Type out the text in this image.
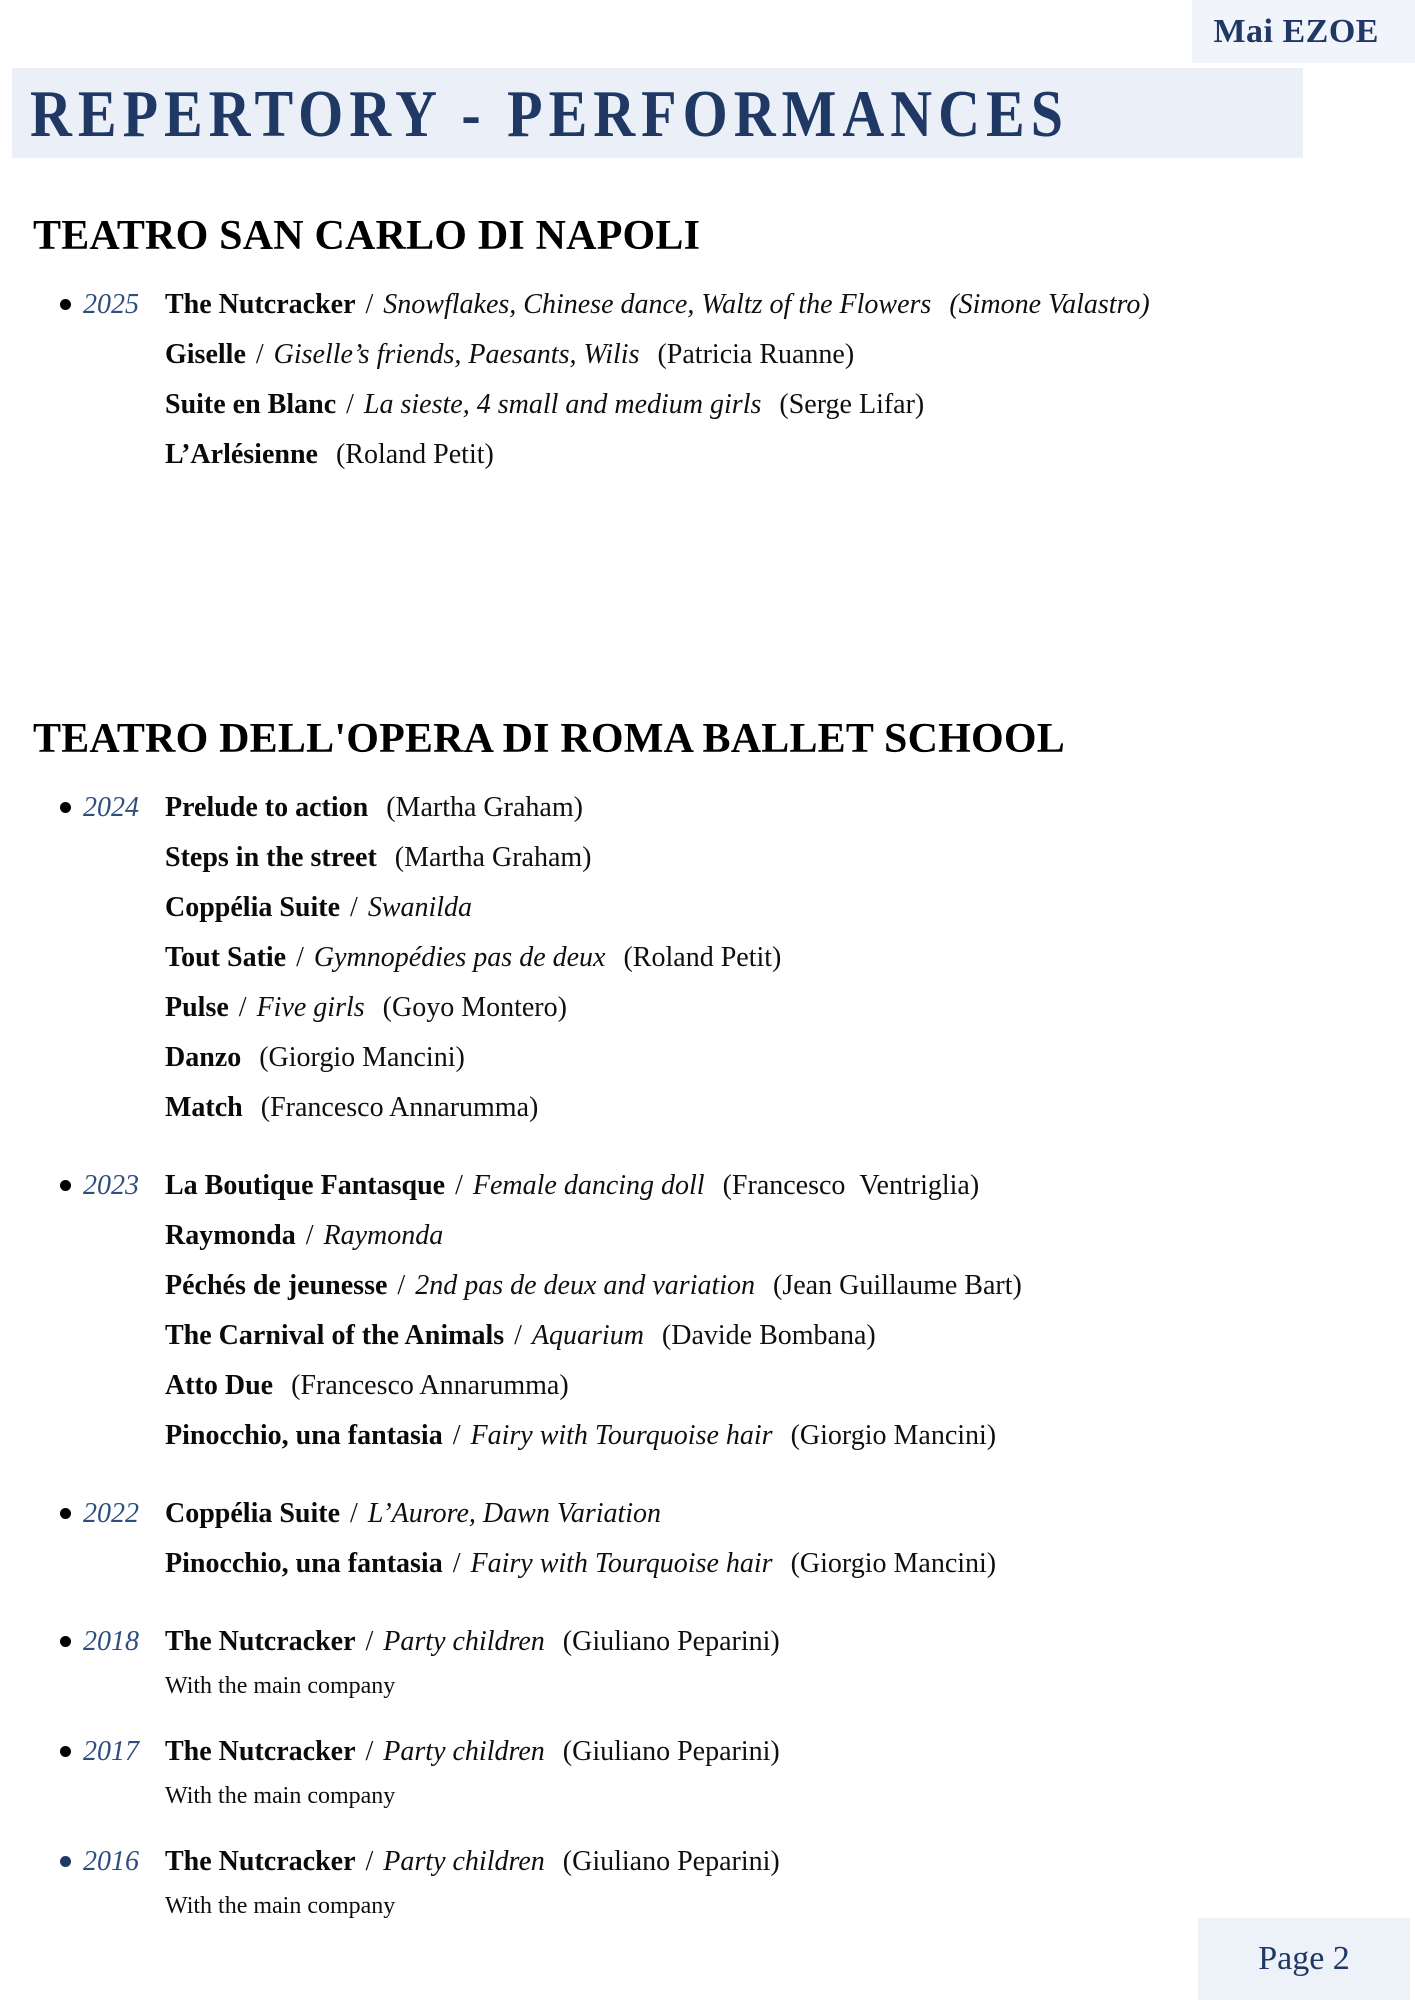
Mai EZOE
REPERTORY - PERFORMANCES
TEATRO SAN CARLO DI NAPOLI
2025 The Nutcracker / Snowflakes, Chinese dance, Waltz of the Flowers (Simone Valastro)
Giselle / Giselle’s friends, Paesants, Wilis (Patricia Ruanne)
Suite en Blanc / La sieste, 4 small and medium girls (Serge Lifar)
L’Arlésienne (Roland Petit)
TEATRO DELL'OPERA DI ROMA BALLET SCHOOL
2024 Prelude to action (Martha Graham)
Steps in the street (Martha Graham)
Coppélia Suite / Swanilda
Tout Satie / Gymnopédies pas de deux (Roland Petit)
Pulse / Five girls (Goyo Montero)
Danzo (Giorgio Mancini)
Match (Francesco Annarumma)
2023 La Boutique Fantasque / Female dancing doll (Francesco  Ventriglia)
Raymonda / Raymonda
Péchés de jeunesse / 2nd pas de deux and variation (Jean Guillaume Bart)
The Carnival of the Animals / Aquarium (Davide Bombana)
Atto Due (Francesco Annarumma)
Pinocchio, una fantasia / Fairy with Tourquoise hair (Giorgio Mancini)
2022 Coppélia Suite / L’Aurore, Dawn Variation
Pinocchio, una fantasia / Fairy with Tourquoise hair (Giorgio Mancini)
2018 The Nutcracker / Party children (Giuliano Peparini)
With the main company
2017 The Nutcracker / Party children (Giuliano Peparini)
With the main company
2016 The Nutcracker / Party children (Giuliano Peparini)
With the main company
Page 2
